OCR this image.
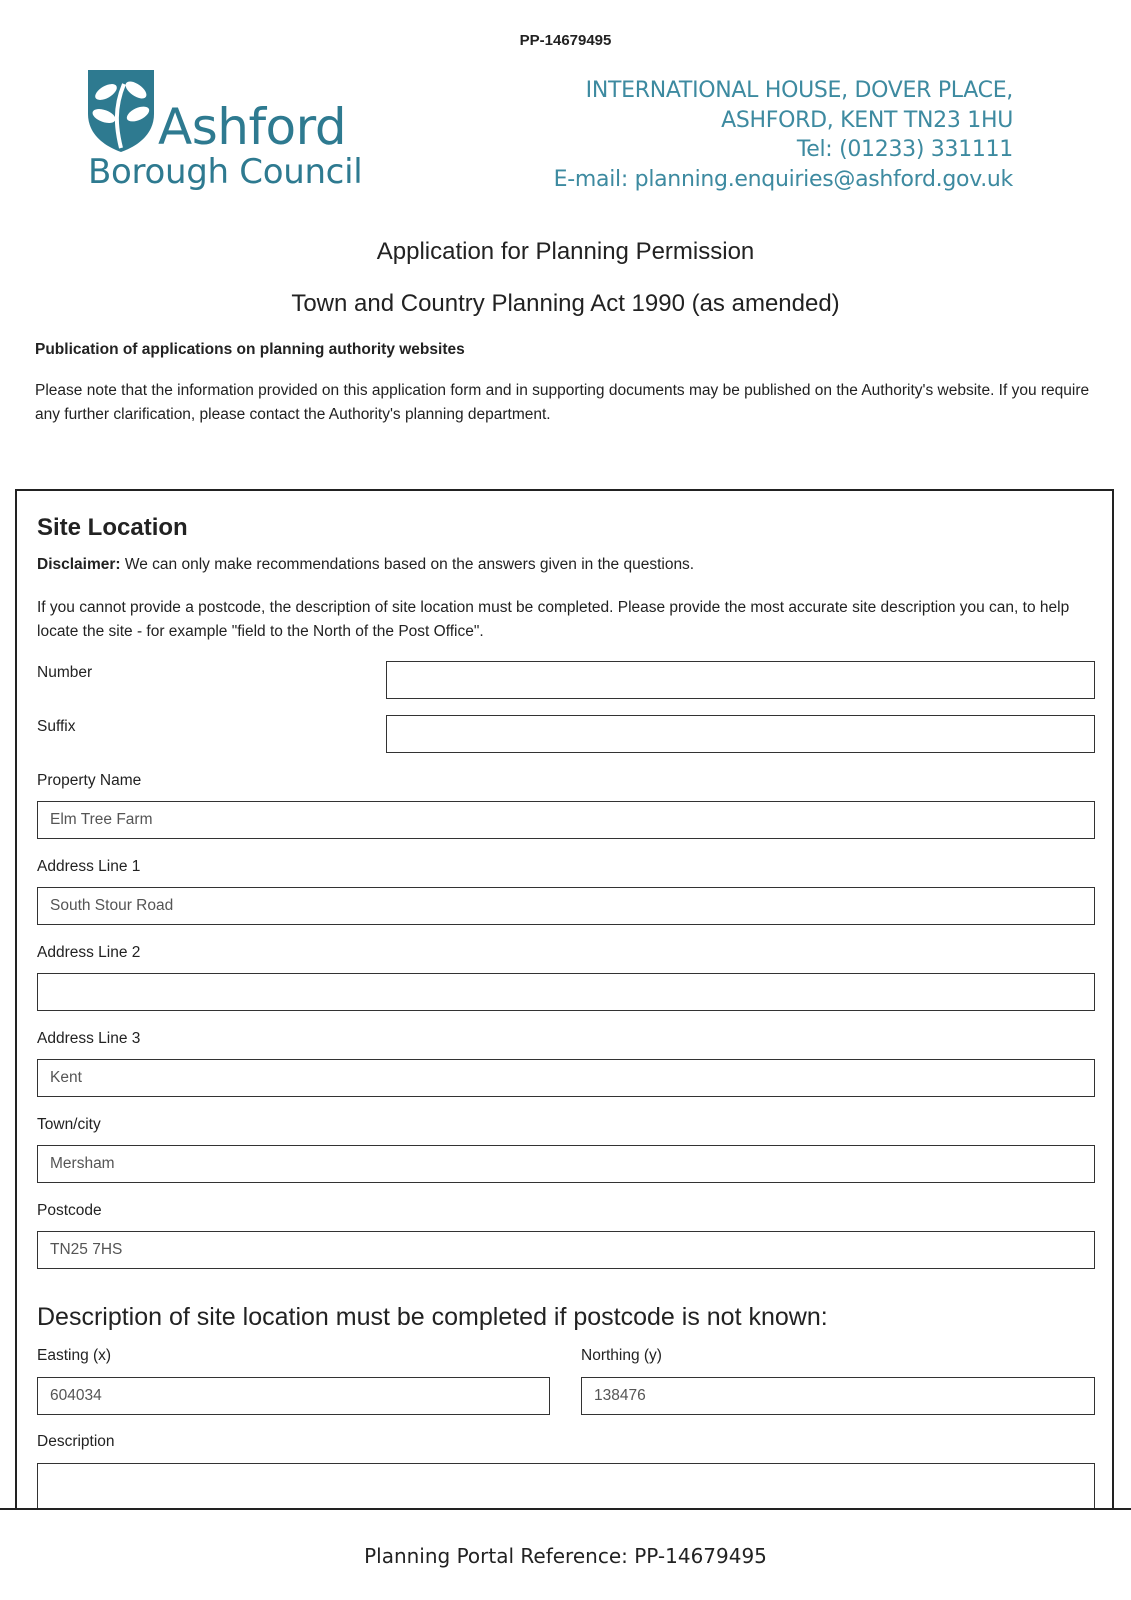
PP-14679495
Ashford
Borough Council
INTERNATIONAL HOUSE, DOVER PLACE,
ASHFORD, KENT TN23 1HU
Tel: (01233) 331111
E-mail: planning.enquiries@ashford.gov.uk
Application for Planning Permission
Town and Country Planning Act 1990 (as amended)
Publication of applications on planning authority websites
Please note that the information provided on this application form and in supporting documents may be published on the Authority's website. If you require any further clarification, please contact the Authority's planning department.
Site Location
Disclaimer: We can only make recommendations based on the answers given in the questions.
If you cannot provide a postcode, the description of site location must be completed. Please provide the most accurate site description you can, to help locate the site - for example "field to the North of the Post Office".
Number
Suffix
Property Name
Elm Tree Farm
Address Line 1
South Stour Road
Address Line 2
Address Line 3
Kent
Town/city
Mersham
Postcode
TN25 7HS
Description of site location must be completed if postcode is not known:
Easting (x)
604034
Northing (y)
138476
Description
Planning Portal Reference: PP-14679495
